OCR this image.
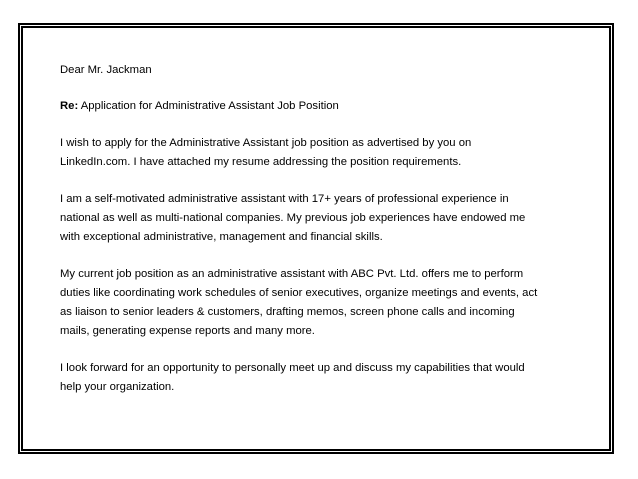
Dear Mr. Jackman

Re: Application for Administrative Assistant Job Position

I wish to apply for the Administrative Assistant job position as advertised by you on
LinkedIn.com. I have attached my resume addressing the position requirements.

I am a self-motivated administrative assistant with 17+ years of professional experience in
national as well as multi-national companies. My previous job experiences have endowed me
with exceptional administrative, management and financial skills.

My current job position as an administrative assistant with ABC Pvt. Ltd. offers me to perform
duties like coordinating work schedules of senior executives, organize meetings and events, act
as liaison to senior leaders & customers, drafting memos, screen phone calls and incoming
mails, generating expense reports and many more.

I look forward for an opportunity to personally meet up and discuss my capabilities that would
help your organization.
